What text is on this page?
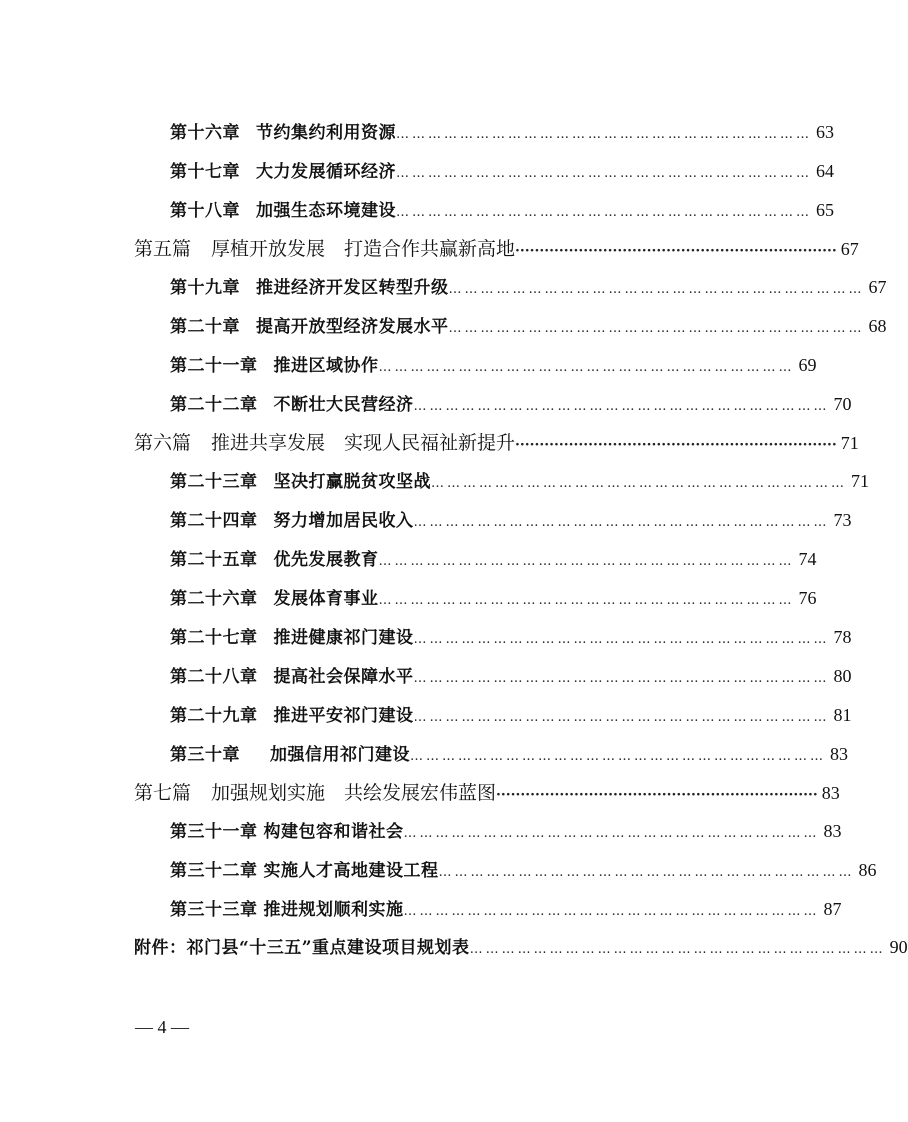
第十六章 节约集约利用资源 …………………………………………………………………… 63
第十七章 大力发展循环经济 …………………………………………………………………… 64
第十八章 加强生态环境建设 …………………………………………………………………… 65
第五篇 厚植开放发展　打造合作共赢新高地 ·································································· 67
第十九章 推进经济开发区转型升级 …………………………………………………………………… 67
第二十章 提高开放型经济发展水平 …………………………………………………………………… 68
第二十一章 推进区域协作 …………………………………………………………………… 69
第二十二章 不断壮大民营经济 …………………………………………………………………… 70
第六篇 推进共享发展　实现人民福祉新提升 ·································································· 71
第二十三章 坚决打赢脱贫攻坚战 …………………………………………………………………… 71
第二十四章 努力增加居民收入 …………………………………………………………………… 73
第二十五章 优先发展教育 …………………………………………………………………… 74
第二十六章 发展体育事业 …………………………………………………………………… 76
第二十七章 推进健康祁门建设 …………………………………………………………………… 78
第二十八章 提高社会保障水平 …………………………………………………………………… 80
第二十九章 推进平安祁门建设 …………………………………………………………………… 81
第三十章 加强信用祁门建设 …………………………………………………………………… 83
第七篇 加强规划实施　共绘发展宏伟蓝图 ·································································· 83
第三十一章 构建包容和谐社会 …………………………………………………………………… 83
第三十二章 实施人才高地建设工程 …………………………………………………………………… 86
第三十三章 推进规划顺利实施 …………………………………………………………………… 87
附件： 祁门县“十三五”重点建设项目规划表 …………………………………………………………………… 90
— 4 —
